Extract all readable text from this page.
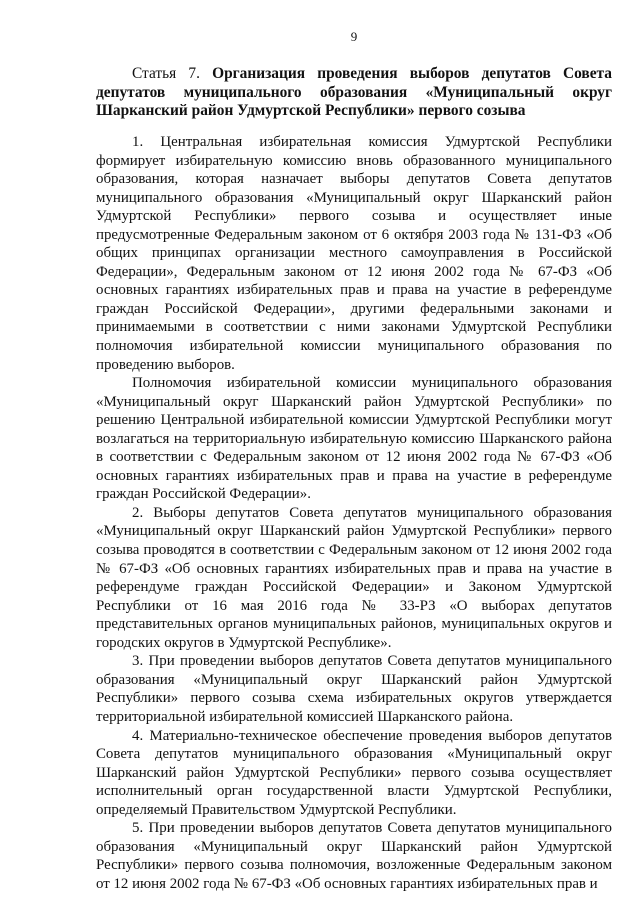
9
Статья 7. Организация проведения выборов депутатов Совета депутатов муниципального образования «Муниципальный округ Шарканский район Удмуртской Республики» первого созыва

1. Центральная избирательная комиссия Удмуртской Республики формирует избирательную комиссию вновь образованного муниципального образования, которая назначает выборы депутатов Совета депутатов муниципального образования «Муниципальный округ Шарканский район Удмуртской Республики» первого созыва и осуществляет иные предусмотренные Федеральным законом от 6 октября 2003 года № 131-ФЗ «Об общих принципах организации местного самоуправления в Российской Федерации», Федеральным законом от 12 июня 2002 года № 67-ФЗ «Об основных гарантиях избирательных прав и права на участие в референдуме граждан Российской Федерации», другими федеральными законами и принимаемыми в соответствии с ними законами Удмуртской Республики полномочия избирательной комиссии муниципального образования по проведению выборов.

Полномочия избирательной комиссии муниципального образования «Муниципальный округ Шарканский район Удмуртской Республики» по решению Центральной избирательной комиссии Удмуртской Республики могут возлагаться на территориальную избирательную комиссию Шарканского района в соответствии с Федеральным законом от 12 июня 2002 года № 67-ФЗ «Об основных гарантиях избирательных прав и права на участие в референдуме граждан Российской Федерации».

2. Выборы депутатов Совета депутатов муниципального образования «Муниципальный округ Шарканский район Удмуртской Республики» первого созыва проводятся в соответствии с Федеральным законом от 12 июня 2002 года № 67-ФЗ «Об основных гарантиях избирательных прав и права на участие в референдуме граждан Российской Федерации» и Законом Удмуртской Республики от 16 мая 2016 года № 33-РЗ «О выборах депутатов представительных органов муниципальных районов, муниципальных округов и городских округов в Удмуртской Республике».

3. При проведении выборов депутатов Совета депутатов муниципального образования «Муниципальный округ Шарканский район Удмуртской Республики» первого созыва схема избирательных округов утверждается территориальной избирательной комиссией Шарканского района.

4. Материально-техническое обеспечение проведения выборов депутатов Совета депутатов муниципального образования «Муниципальный округ Шарканский район Удмуртской Республики» первого созыва осуществляет исполнительный орган государственной власти Удмуртской Республики, определяемый Правительством Удмуртской Республики.

5. При проведении выборов депутатов Совета депутатов муниципального образования «Муниципальный округ Шарканский район Удмуртской Республики» первого созыва полномочия, возложенные Федеральным законом от 12 июня 2002 года № 67-ФЗ «Об основных гарантиях избирательных прав и
